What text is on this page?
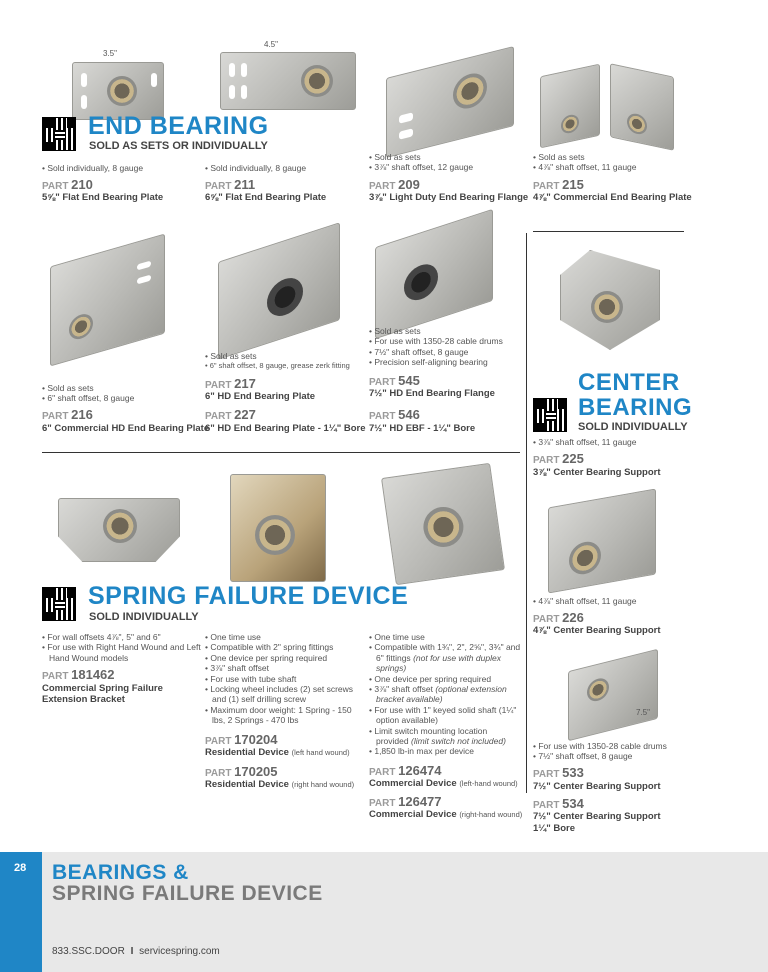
3.5"
4.5"
END BEARING
SOLD AS SETS OR INDIVIDUALLY
• Sold individually, 8 gauge
PART 210
5⅝" Flat End Bearing Plate
• Sold individually, 8 gauge
PART 211
6⅝" Flat End Bearing Plate
• Sold as sets
• 3⅞" shaft offset, 12 gauge
PART 209
3⅞" Light Duty End Bearing Flange
• Sold as sets
• 4⅞" shaft offset, 11 gauge
PART 215
4⅞" Commercial End Bearing Plate
• Sold as sets
• 6" shaft offset, 8 gauge
PART 216
6" Commercial HD End Bearing Plate
• Sold as sets
• 6" shaft offset, 8 gauge, grease zerk fitting
PART 217
6" HD End Bearing Plate
PART 227
6" HD End Bearing Plate - 1¼" Bore
• Sold as sets
• For use with 1350-28 cable drums
• 7½" shaft offset, 8 gauge
• Precision self-aligning bearing
PART 545
7½" HD End Bearing Flange
PART 546
7½" HD EBF - 1¼" Bore
CENTER
BEARING
SOLD INDIVIDUALLY
• 3⅞" shaft offset, 11 gauge
PART 225
3⅞" Center Bearing Support
SPRING FAILURE DEVICE
SOLD INDIVIDUALLY
• 4⅞" shaft offset, 11 gauge
PART 226
4⅞" Center Bearing Support
7.5"
• For wall offsets 4⅞", 5" and 6"
• For use with Right Hand Wound and Left Hand Wound models
PART 181462
Commercial Spring Failure
Extension Bracket
• One time use
• Compatible with 2" spring fittings
• One device per spring required
• 3⅞" shaft offset
• For use with tube shaft
• Locking wheel includes (2) set screws and (1) self drilling screw
• Maximum door weight: 1 Spring - 150 lbs, 2 Springs - 470 lbs
PART 170204
Residential Device (left hand wound)
PART 170205
Residential Device (right hand wound)
• One time use
• Compatible with 1¾", 2", 2⅝", 3¾" and 6" fittings (not for use with duplex springs)
• One device per spring required
• 3⅞" shaft offset (optional extension bracket available)
• For use with 1" keyed solid shaft (1¼" option available)
• Limit switch mounting location provided (limit switch not included)
• 1,850 lb-in max per device
PART 126474
Commercial Device (left-hand wound)
PART 126477
Commercial Device (right-hand wound)
• For use with 1350-28 cable drums
• 7½" shaft offset, 8 gauge
PART 533
7½" Center Bearing Support
PART 534
7½" Center Bearing Support
1¼" Bore
28 BEARINGS &
SPRING FAILURE DEVICE
833.SSC.DOOR I servicespring.com
